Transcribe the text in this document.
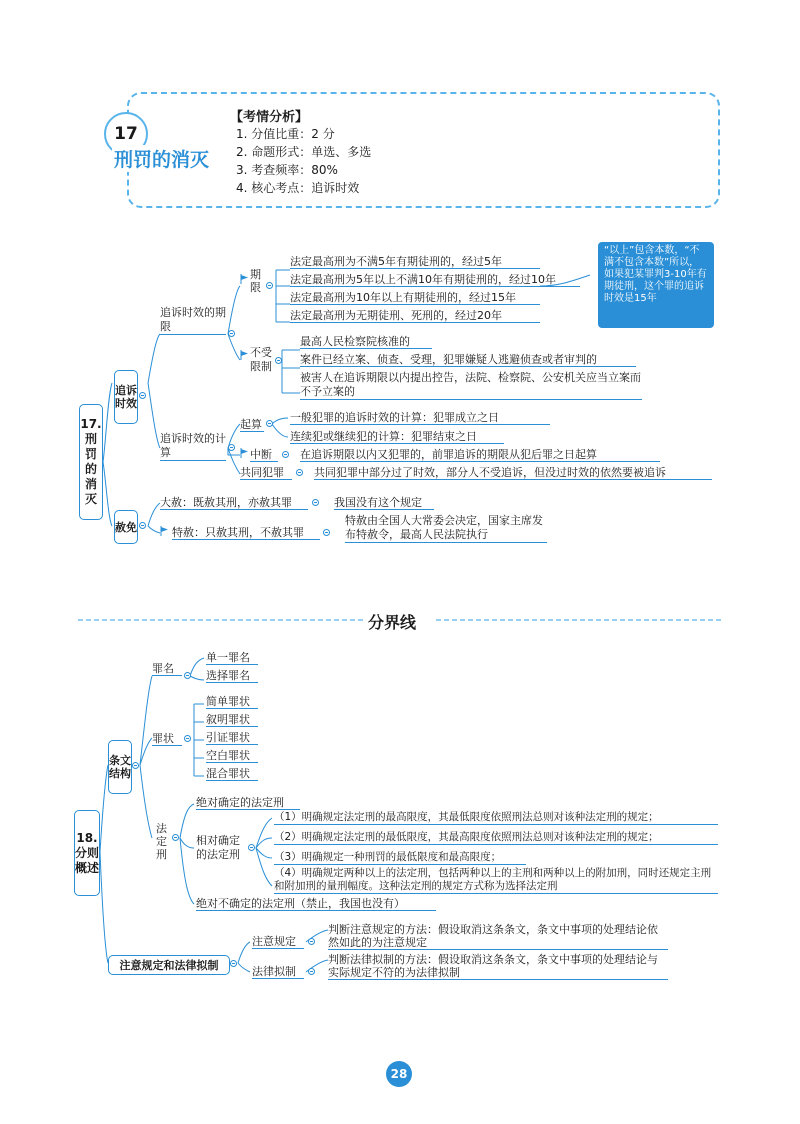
17
刑罚的消灭
【考情分析】
1. 分值比重：2 分
2. 命题形式：单选、多选
3. 考查频率：80%
4. 核心考点：追诉时效
17.刑罚的消灭
追诉时效
追诉时效的期限
期限
法定最高刑为不满5年有期徒刑的，经过5年
法定最高刑为5年以上不满10年有期徒刑的，经过10年
法定最高刑为10年以上有期徒刑的，经过15年
法定最高刑为无期徒刑、死刑的，经过20年
“以上”包含本数，“不满不包含本数”所以，如果犯某罪判3-10年有期徒刑，这个罪的追诉时效是15年
不受限制
最高人民检察院核准的
案件已经立案、侦查、受理，犯罪嫌疑人逃避侦查或者审判的
被害人在追诉期限以内提出控告，法院、检察院、公安机关应当立案而不予立案的
追诉时效的计算
起算
一般犯罪的追诉时效的计算：犯罪成立之日
连续犯或继续犯的计算：犯罪结束之日
中断	在追诉期限以内又犯罪的，前罪追诉的期限从犯后罪之日起算
共同犯罪	共同犯罪中部分过了时效，部分人不受追诉，但没过时效的依然要被追诉
赦免
大赦：既赦其刑，亦赦其罪	我国没有这个规定
特赦：只赦其刑，不赦其罪
特赦由全国人大常委会决定，国家主席发布特赦令，最高人民法院执行
分界线
18.分则概述
条文结构
罪名
单一罪名
选择罪名
罪状
简单罪状
叙明罪状
引证罪状
空白罪状
混合罪状
法定刑
绝对确定的法定刑
相对确定的法定刑
（1）明确规定法定刑的最高限度，其最低限度依照刑法总则对该种法定刑的规定；
（2）明确规定法定刑的最低限度，其最高限度依照刑法总则对该种法定刑的规定；
（3）明确规定一种刑罚的最低限度和最高限度；
（4）明确规定两种以上的法定刑，包括两种以上的主刑和两种以上的附加刑，同时还规定主刑和附加刑的量刑幅度。这种法定刑的规定方式称为选择法定刑
绝对不确定的法定刑（禁止，我国也没有）
注意规定和法律拟制
注意规定
判断注意规定的方法：假设取消这条条文，条文中事项的处理结论依然如此的为注意规定
法律拟制
判断法律拟制的方法：假设取消这条条文，条文中事项的处理结论与实际规定不符的为法律拟制
28
